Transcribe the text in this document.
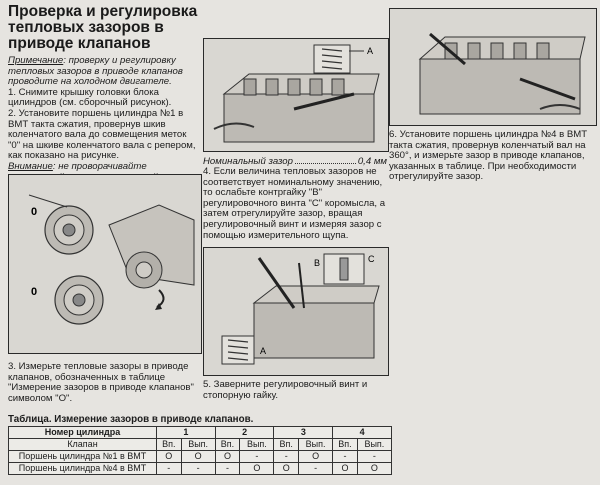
Проверка и регулировка тепловых зазоров в приводе клапанов
Примечание: проверку и регулировку тепловых зазоров в приводе клапанов проводите на холодном двигателе.
1. Снимите крышку головки блока цилиндров (см. сборочный рисунок).
2. Установите поршень цилиндра №1 в ВМТ такта сжатия, провернув шкив коленчатого вала до совмещения меток "0" на шкиве коленчатого вала с репером, как показано на рисунке.
Внимание: не проворачивайте
A
Номинальный зазор	0,4 мм
4. Если величина тепловых зазоров не соответствует номинальному значению, то ослабьте контргайку "B" регулировочного винта "C" коромысла, а затем отрегулируйте зазор, вращая регулировочный винт и измеряя зазор с помощью измерительного щупа.
6. Установите поршень цилиндра №4 в ВМТ такта сжатия, провернув коленчатый вал на 360°, и измерьте зазор в приводе клапанов, указанных в таблице. При необходимости отрегулируйте зазор.
0
0
3. Измерьте тепловые зазоры в приводе клапанов, обозначенных в таблице "Измерение зазоров в приводе клапанов" символом "O".
B	C
A
5. Заверните регулировочный винт и стопорную гайку.
Таблица. Измерение зазоров в приводе клапанов.
Номер цилиндра	1		2		3		4	
Клапан	Вп.	Вып.	Вп.	Вып.	Вп.	Вып.	Вп.	Вып.
Поршень цилиндра №1 в ВМТ	O	O	O	-	-	O	-	-
Поршень цилиндра №4 в ВМТ	-	-	-	O	O	-	O	O
